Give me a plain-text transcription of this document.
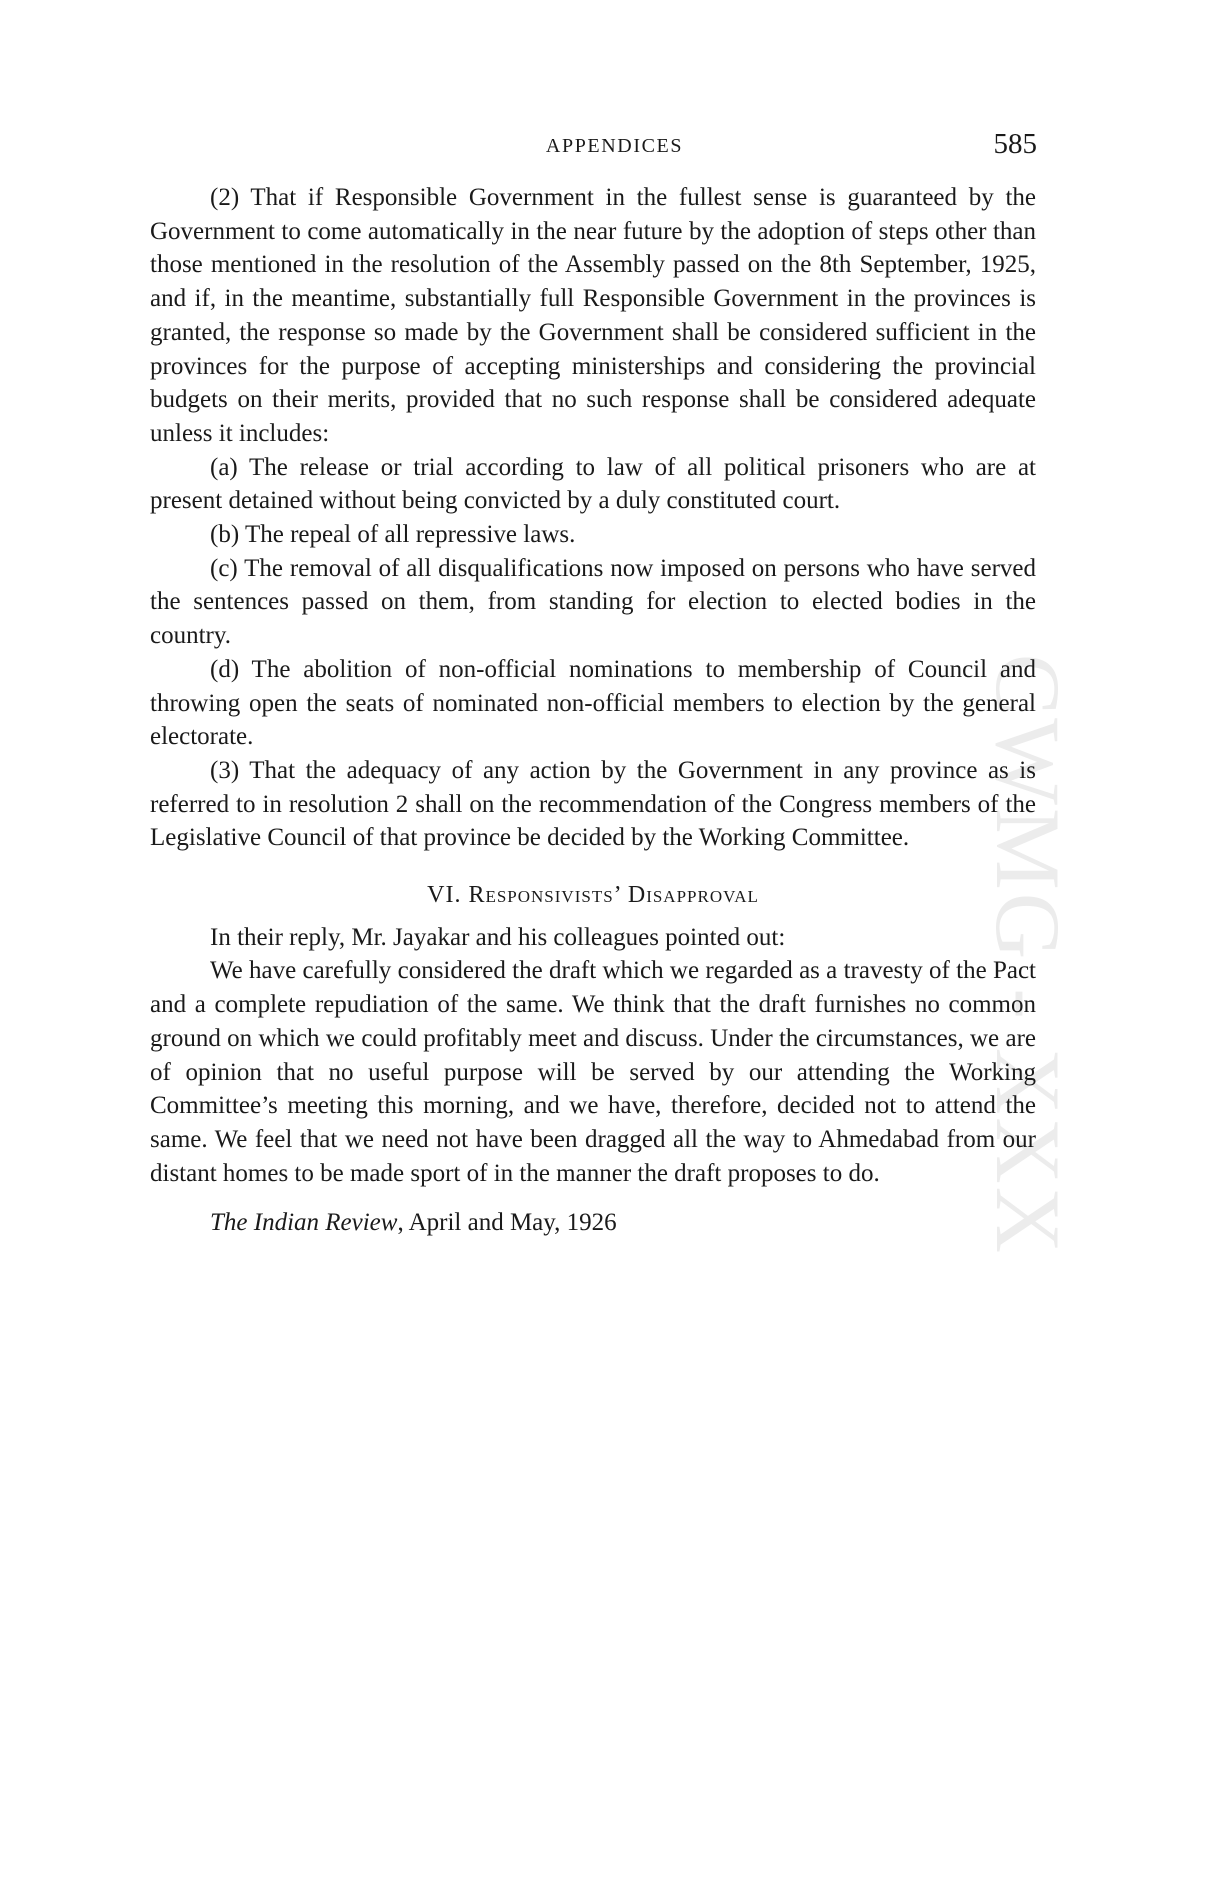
CWMG - XXX
APPENDICES	585

(2) That if Responsible Government in the fullest sense is guaranteed by the Government to come automatically in the near future by the adoption of steps other than those mentioned in the resolution of the Assembly passed on the 8th September, 1925, and if, in the meantime, substantially full Responsible Government in the provinces is granted, the response so made by the Government shall be considered sufficient in the provinces for the purpose of accepting ministerships and considering the provincial budgets on their merits, provided that no such response shall be considered adequate unless it includes:

(a) The release or trial according to law of all political prisoners who are at present detained without being convicted by a duly constituted court.

(b) The repeal of all repressive laws.

(c) The removal of all disqualifications now imposed on persons who have served the sentences passed on them, from standing for election to elected bodies in the country.

(d) The abolition of non-official nominations to membership of Council and throwing open the seats of nominated non-official members to election by the general electorate.

(3) That the adequacy of any action by the Government in any province as is referred to in resolution 2 shall on the recommendation of the Congress members of the Legislative Council of that province be decided by the Working Committee.

VI. Responsivists’ Disapproval

In their reply, Mr. Jayakar and his colleagues pointed out:

We have carefully considered the draft which we regarded as a travesty of the Pact and a complete repudiation of the same. We think that the draft furnishes no common ground on which we could profitably meet and discuss. Under the circumstances, we are of opinion that no useful purpose will be served by our attending the Working Committee’s meeting this morning, and we have, therefore, decided not to attend the same. We feel that we need not have been dragged all the way to Ahmedabad from our distant homes to be made sport of in the manner the draft proposes to do.

The Indian Review, April and May, 1926
